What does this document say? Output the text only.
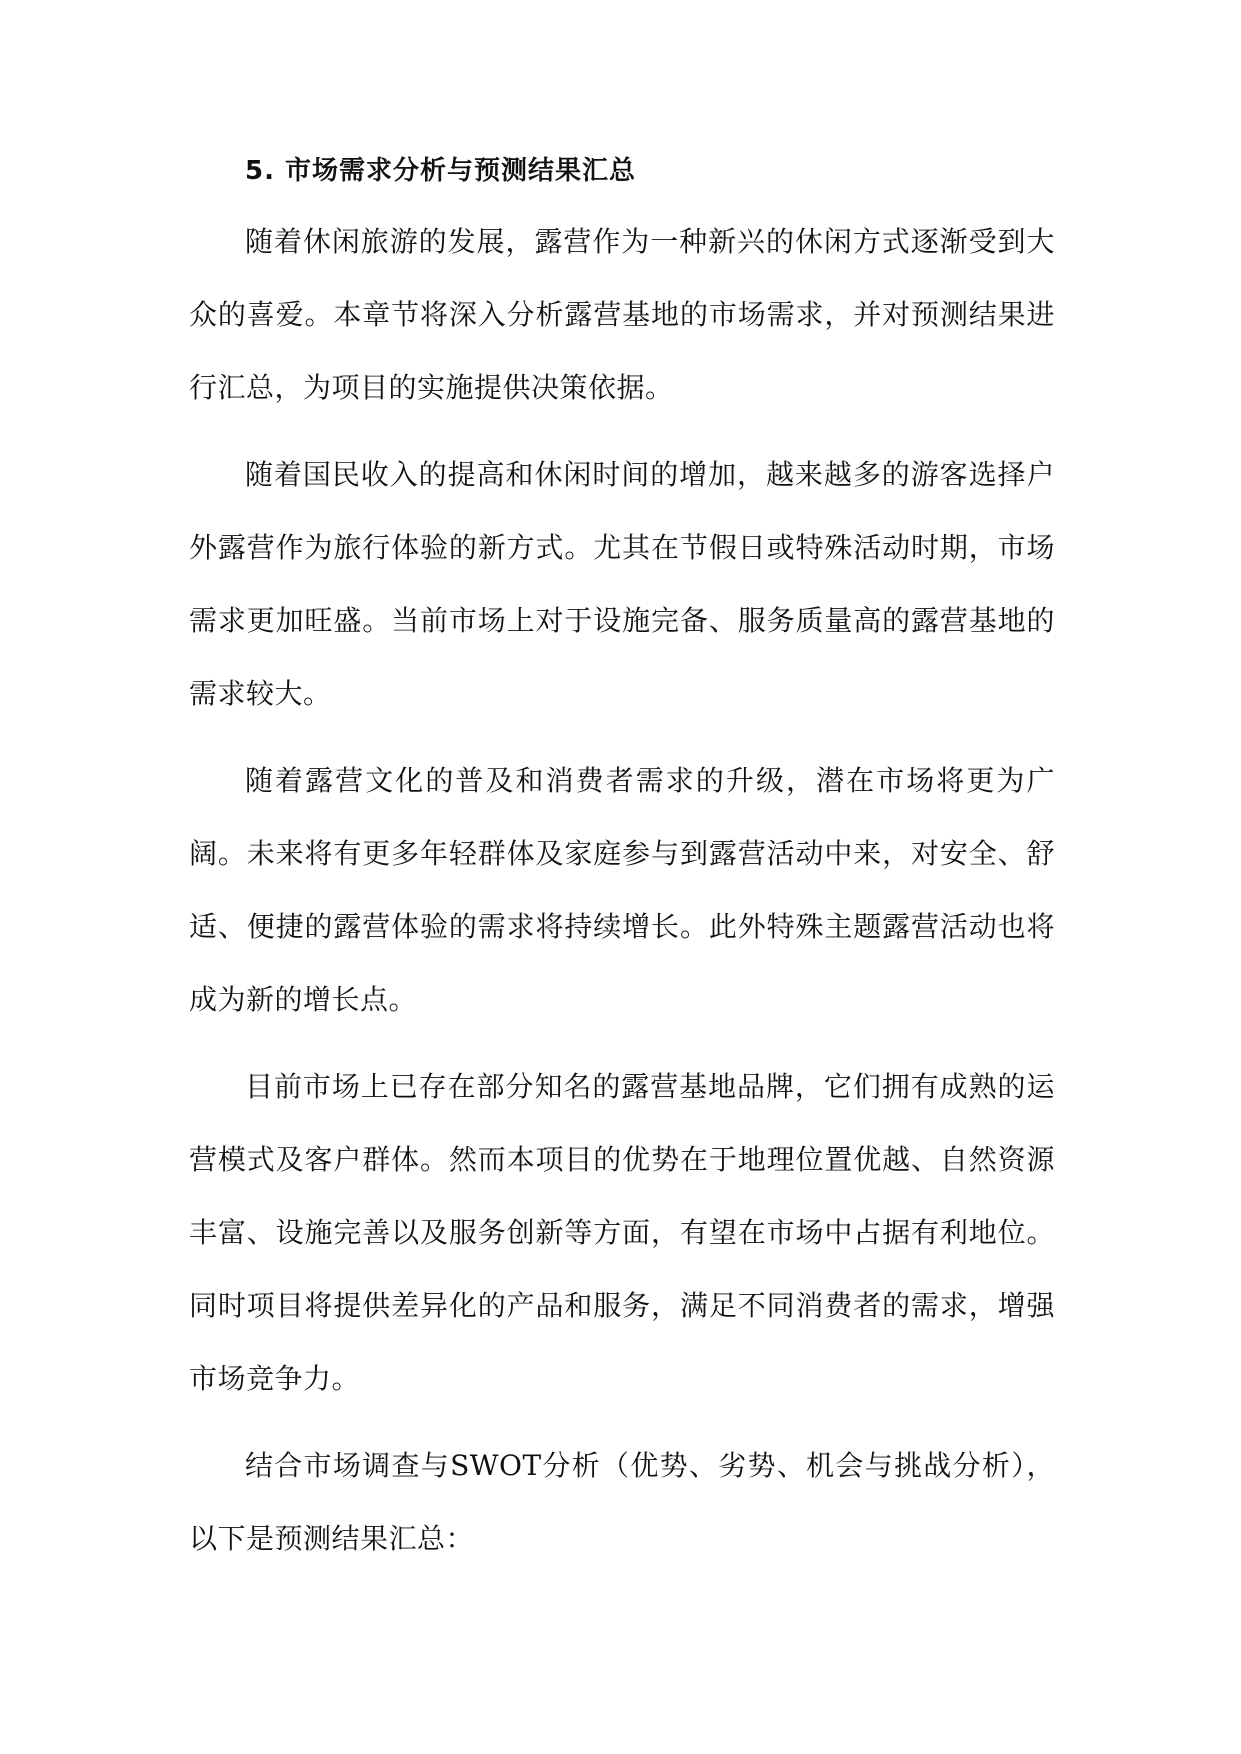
5. 市场需求分析与预测结果汇总

随着休闲旅游的发展，露营作为一种新兴的休闲方式逐渐受到大众的喜爱。本章节将深入分析露营基地的市场需求，并对预测结果进行汇总，为项目的实施提供决策依据。

随着国民收入的提高和休闲时间的增加，越来越多的游客选择户外露营作为旅行体验的新方式。尤其在节假日或特殊活动时期，市场需求更加旺盛。当前市场上对于设施完备、服务质量高的露营基地的需求较大。

随着露营文化的普及和消费者需求的升级，潜在市场将更为广阔。未来将有更多年轻群体及家庭参与到露营活动中来，对安全、舒适、便捷的露营体验的需求将持续增长。此外特殊主题露营活动也将成为新的增长点。

目前市场上已存在部分知名的露营基地品牌，它们拥有成熟的运营模式及客户群体。然而本项目的优势在于地理位置优越、自然资源丰富、设施完善以及服务创新等方面，有望在市场中占据有利地位。同时项目将提供差异化的产品和服务，满足不同消费者的需求，增强市场竞争力。

结合市场调查与SWOT分析（优势、劣势、机会与挑战分析），以下是预测结果汇总：
